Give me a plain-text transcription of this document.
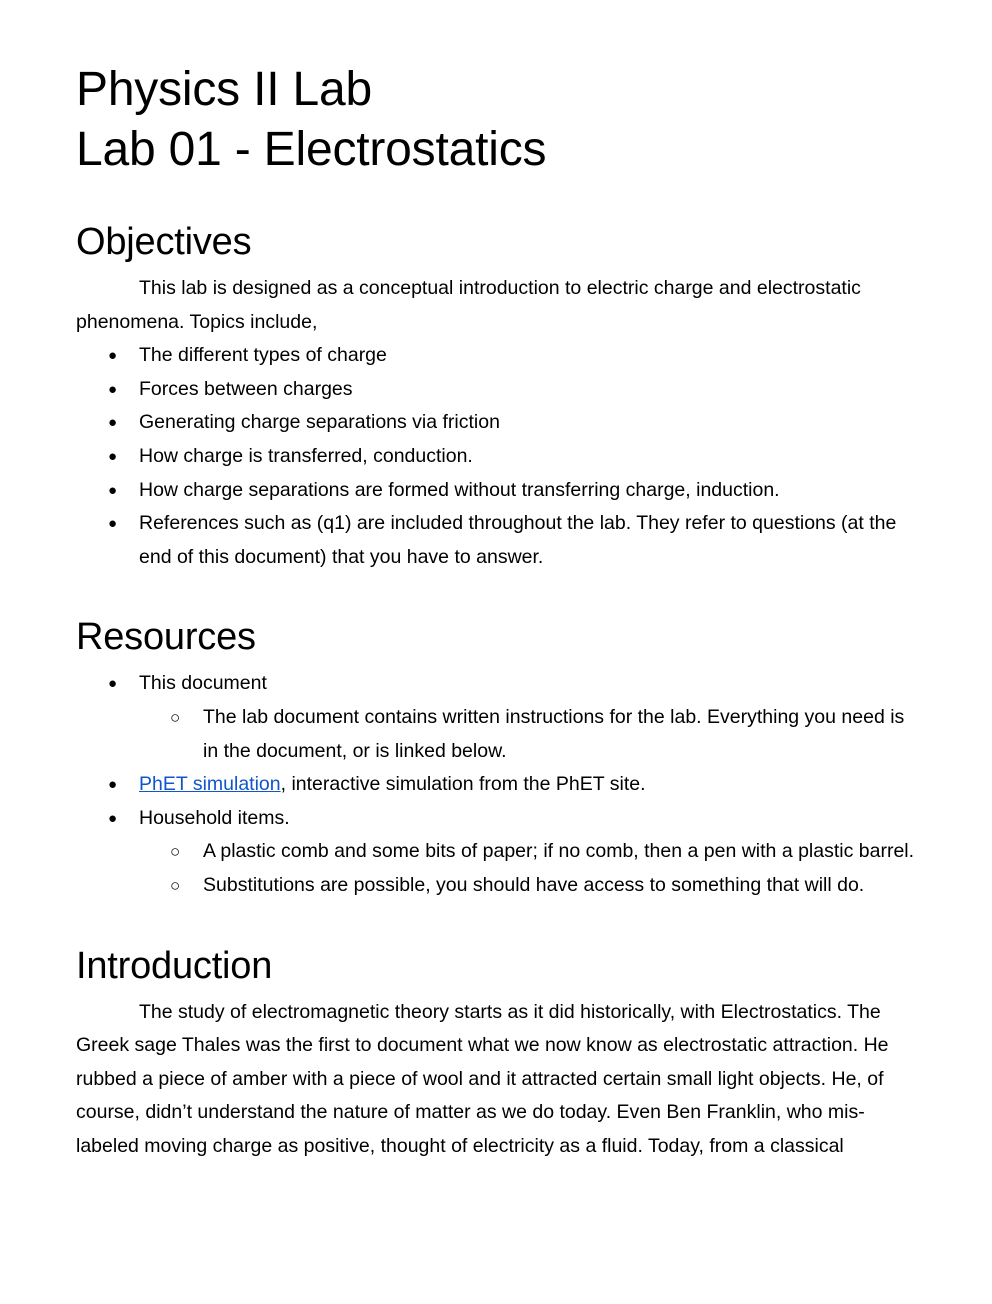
Physics II Lab
Lab 01 - Electrostatics
Objectives

This lab is designed as a conceptual introduction to electric charge and electrostatic phenomena. Topics include,

● The different types of charge
● Forces between charges
● Generating charge separations via friction
● How charge is transferred, conduction.
● How charge separations are formed without transferring charge, induction.
● References such as (q1) are included throughout the lab. They refer to questions (at the end of this document) that you have to answer.
Resources
● This document
○ The lab document contains written instructions for the lab. Everything you need is in the document, or is linked below.
● PhET simulation, interactive simulation from the PhET site.
● Household items.
○ A plastic comb and some bits of paper; if no comb, then a pen with a plastic barrel.
○ Substitutions are possible, you should have access to something that will do.
Introduction

The study of electromagnetic theory starts as it did historically, with Electrostatics. The Greek sage Thales was the first to document what we now know as electrostatic attraction. He rubbed a piece of amber with a piece of wool and it attracted certain small light objects. He, of course, didn’t understand the nature of matter as we do today. Even Ben Franklin, who mis-labeled moving charge as positive, thought of electricity as a fluid. Today, from a classical
